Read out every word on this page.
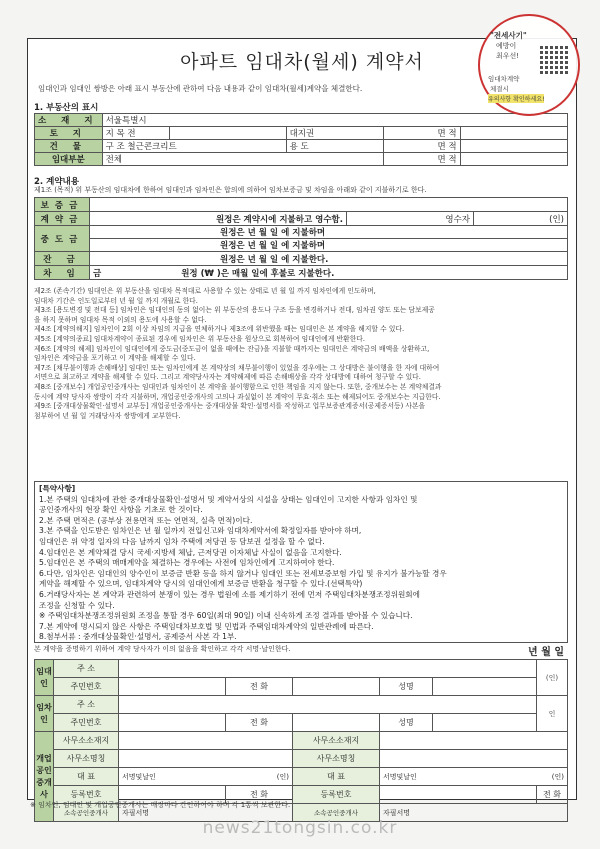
아파트 임대차(월세) 계약서
임대인과 임대인 쌍방은 아래 표시 부동산에 관하여 다음 내용과 같이 임대차(월세)계약을 체결한다.
1. 부동산의 표시
소 재 지	서울특별시				
토 지	지 목 전		대지권	면 적	
건 물	구 조 철근콘크리트		용 도	면 적	
임대부분	전체			면 적	
2. 계약내용
제1조 (목적) 위 부동산의 임대차에 한하여 임대인과 임차인은 합의에 의하여 임차보증금 및 차임을 아래와 같이 지불하기로 한다.
보증금			
계약금	원정은 계약시에 지불하고 영수함.	영수자	(인)
중도금	원정은 년 월 일 에 지불하며		
	원정은 년 월 일 에 지불하며		
잔 금	원정은 년 월 일 에 지불한다.		
차 임	금 원정 (₩ )은 매월 일에 후불로 지불한다.		
제2조 (존속기간) 임대인은 위 부동산을 임대차 목적대로 사용할 수 있는 상태로 년 월 일 까지 임차인에게 인도하며,
임대차 기간은 인도일로부터 년 월 일 까지 개월로 한다.
제3조 [용도변경 및 전대 등] 임차인은 임대인의 동의 없이는 위 부동산의 용도나 구조 등을 변경하거나 전대, 임차권 양도 또는 담보제공
을 하지 못하며 임대차 목적 이외의 용도에 사용할 수 없다.
제4조 [계약의해지] 임차인이 2회 이상 차임의 지급을 연체하거나 제3조에 위반했을 때는 임대인은 본 계약을 해지할 수 있다.
제5조 [계약의종료] 임대차계약이 종료된 경우에 임차인은 위 부동산을 원상으로 회복하여 임대인에게 반환한다.
제6조 [계약의 해제] 임차인이 임대인에게 중도금(중도금이 없을 때에는 잔금)을 지불할 때까지는 임대인은 계약금의 배액을 상환하고,
임차인은 계약금을 포기하고 이 계약을 해제할 수 있다.
제7조 [채무불이행과 손해배상] 임대인 또는 임차인에게 본 계약상의 채무불이행이 있었을 경우에는 그 상대방은 불이행을 한 자에 대하여
서면으로 최고하고 계약을 해제할 수 있다. 그리고 계약당사자는 계약해제에 따른 손해배상을 각각 상대방에 대하여 청구할 수 있다.
제8조 [중개보수] 개업공인중개사는 임대인과 임차인이 본 계약을 불이행함으로 인한 책임을 지지 않는다. 또한, 중개보수는 본 계약체결과
동시에 계약 당사자 쌍방이 각각 지불하며, 개업공인중개사의 고의나 과실없이 본 계약이 무효·취소 또는 해제되어도 중개보수는 지급한다.
제9조 [중개대상물확인·설명서 교부등] 개업공인중개사는 중개대상물 확인·설명서를 작성하고 업무보증관계증서(공제증서등) 사본을
첨부하여 년 월 일 거래당사자 쌍방에게 교부한다.
[특약사항]
1.본 주택의 임대차에 관한 중개대상물확인·설명서 및 계약서상의 시설을 상태는 임대인이 고지한 사항과 임차인 및
공인중개사의 현장 확인 사항을 기초로 한 것이다.
2.본 주택 면적은 (공부상 전용면적 또는 연면적, 실측 면적)이다.
3.본 주택을 인도받은 임차인은 년 월 일까지 전입신고와 임대차계약서에 확정일자를 받아야 하며,
임대인은 위 약정 일자의 다음 날까지 임차 주택에 저당권 등 담보권 설정을 할 수 없다.
4.임대인은 본 계약체결 당시 국세·지방세 체납, 근저당권 이자체납 사실이 없음을 고지한다.
5.임대인은 본 주택의 매매계약을 체결하는 경우에는 사전에 임차인에게 고지하여야 한다.
6.다만, 임차인은 임대인의 양수인이 보증금 반환 등을 하지 않거나 임대인 또는 전세보증보험 가입 및 유지가 불가능할 경우
계약을 해제할 수 있으며, 임대차계약 당시의 임대인에게 보증금 반환을 청구할 수 있다.(선택특약)
6.거래당사자는 본 계약과 관련하여 분쟁이 있는 경우 법원에 소를 제기하기 전에 먼저 주택임대차분쟁조정위원회에
조정을 신청할 수 있다.
※ 주택임대차분쟁조정위원회 조정을 통할 경우 60일(최대 90일) 이내 신속하게 조정 결과를 받아볼 수 있습니다.
7.본 계약에 명시되지 않은 사항은 주택임대차보호법 및 민법과 주택임대차계약의 일반관례에 따른다.
8.첨부서류 : 중개대상물확인·설명서, 공제증서 사본 각 1부.
본 계약을 증명하기 위하여 계약 당사자가 이의 없음을 확인하고 각각 서명·날인한다.	년 월 일
임대인	주 소						(인)
	주민번호		전 화		성명		
임차인	주 소						인
	주민번호		전 화		성명		
개업공인중개사	사무소소재지			사무소소재지			
	사무소명칭			사무소명칭			
	대 표	서명및날인 (인)		대 표	서명및날인 (인)		

	등록번호		전 화	등록번호			전 화
	소속공인중개사	자필서명		소속공인중개사	자필서명		
※ 임차인, 임대인 및 개업공인중개사는 매장마다 간인하여야 하며 각 1통씩 보관한다.
news21tongsin.co.kr
"전세사기"
예방이
최우선!
임대차계약
체결시
유의사항 확인하세요!
